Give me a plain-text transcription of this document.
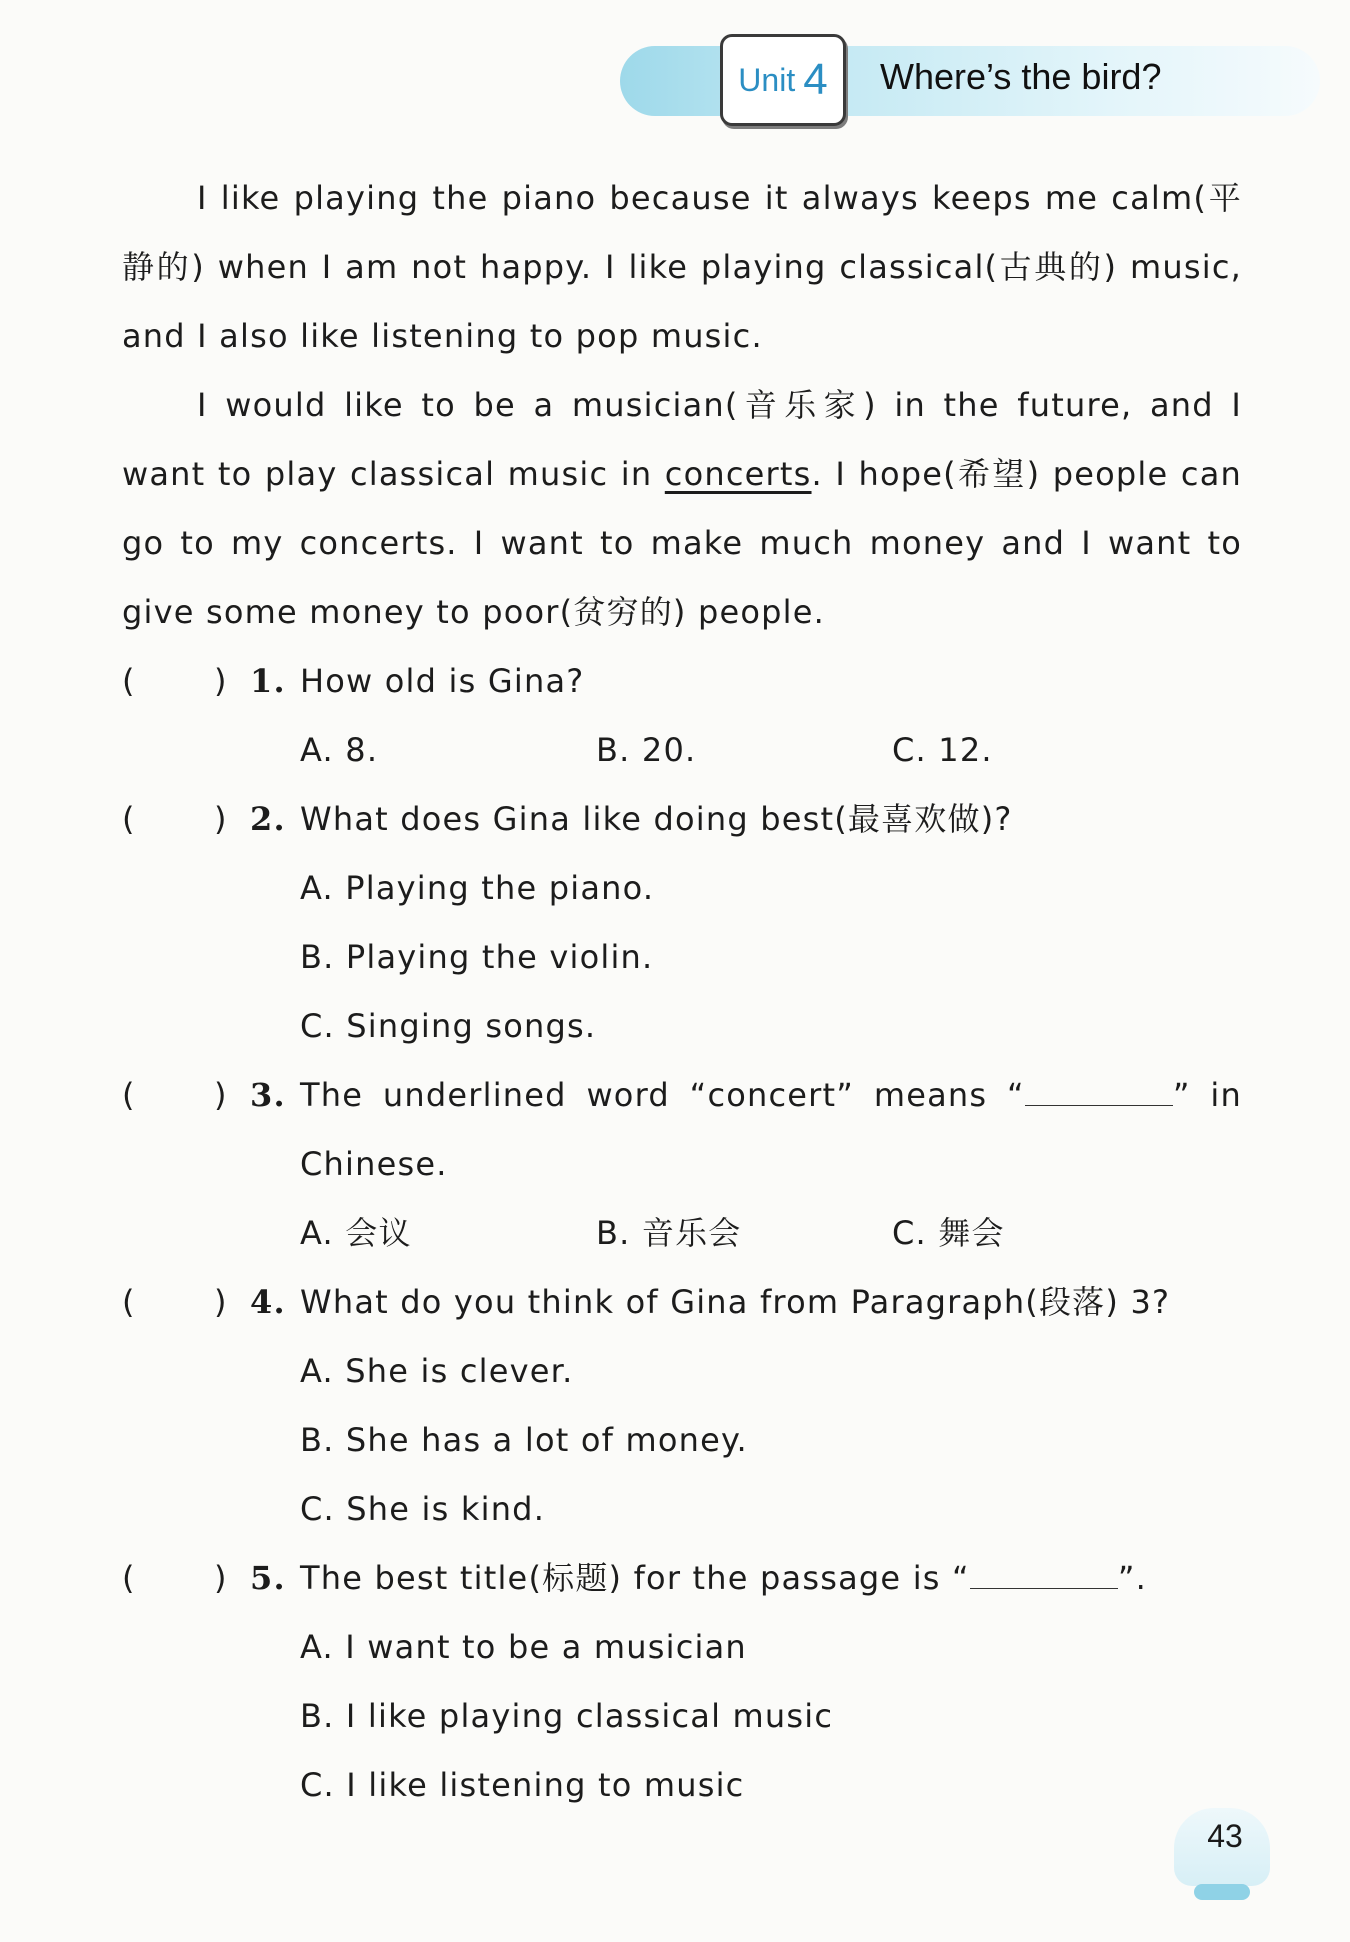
Unit 4 Where’s the bird?

I like playing the piano because it always keeps me calm(平静的) when I am not happy. I like playing classical(古典的) music, and I also like listening to pop music.

I would like to be a musician(音乐家) in the future, and I want to play classical music in concerts. I hope(希望) people can go to my concerts. I want to make much money and I want to give some money to poor(贫穷的) people.

( ) 1. How old is Gina?
A. 8.	B. 20.	C. 12.
( ) 2. What does Gina like doing best(最喜欢做)?
A. Playing the piano.
B. Playing the violin.
C. Singing songs.
( ) 3. The underlined word “concert” means “	” in
Chinese.
A. 会议	B. 音乐会	C. 舞会
( ) 4. What do you think of Gina from Paragraph(段落) 3?
A. She is clever.
B. She has a lot of money.
C. She is kind.
( ) 5. The best title(标题) for the passage is “	”.
A. I want to be a musician
B. I like playing classical music
C. I like listening to music
43
